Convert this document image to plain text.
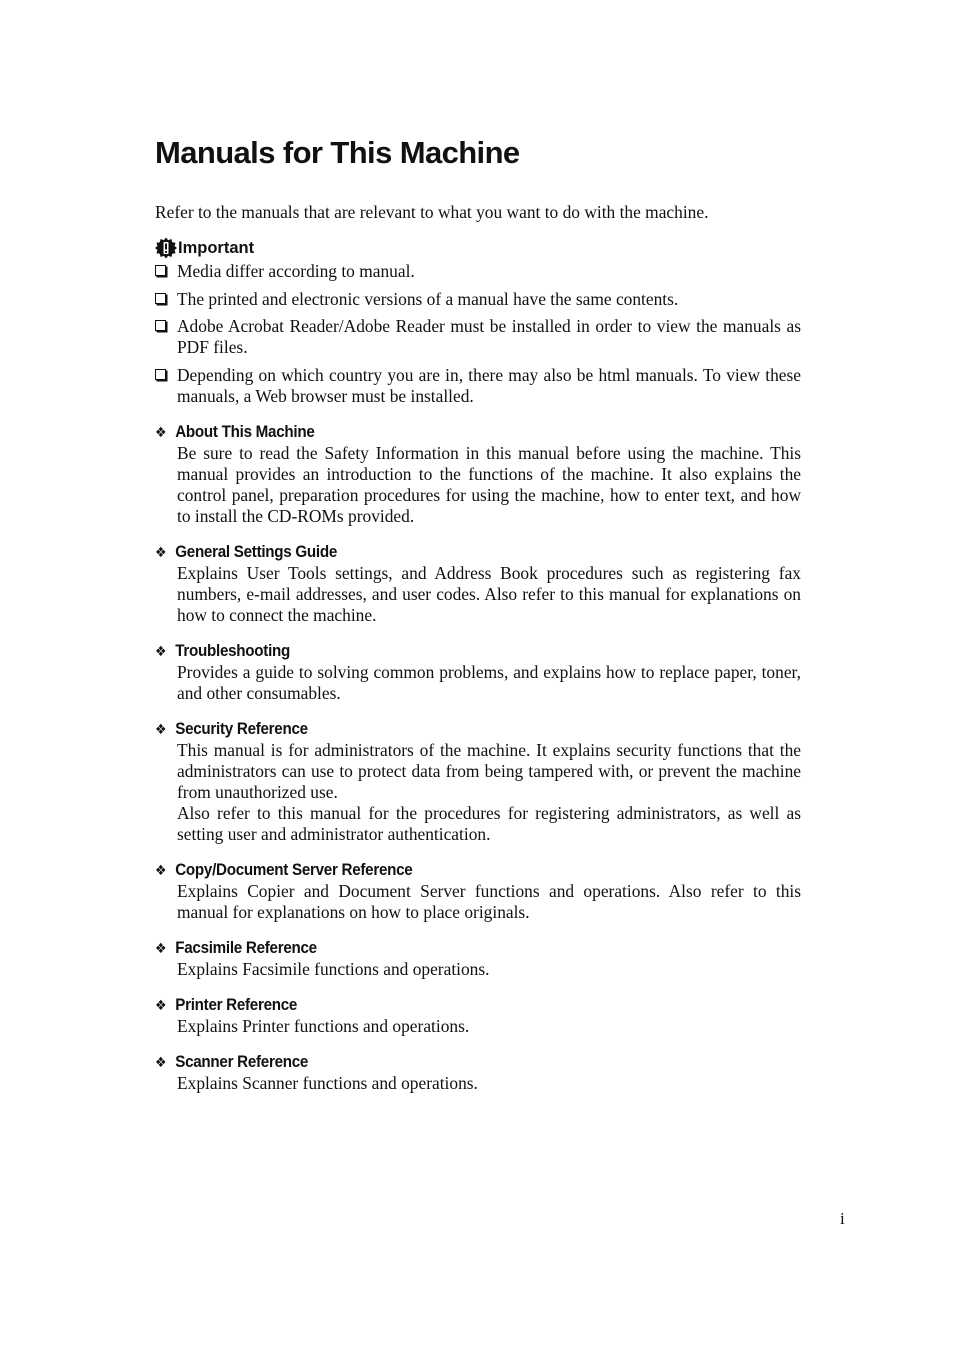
Manuals for This Machine

Refer to the manuals that are relevant to what you want to do with the machine.

Important
Media differ according to manual.
The printed and electronic versions of a manual have the same contents.
Adobe Acrobat Reader/Adobe Reader must be installed in order to view the manuals as PDF files.
Depending on which country you are in, there may also be html manuals. To view these manuals, a Web browser must be installed.
❖ About This Machine

Be sure to read the Safety Information in this manual before using the machine. This manual provides an introduction to the functions of the machine. It also explains the control panel, preparation procedures for using the machine, how to enter text, and how to install the CD-ROMs provided.

❖ General Settings Guide

Explains User Tools settings, and Address Book procedures such as registering fax numbers, e-mail addresses, and user codes. Also refer to this manual for explanations on how to connect the machine.

❖ Troubleshooting

Provides a guide to solving common problems, and explains how to replace paper, toner, and other consumables.

❖ Security Reference

This manual is for administrators of the machine. It explains security functions that the administrators can use to protect data from being tampered with, or prevent the machine from unauthorized use.

Also refer to this manual for the procedures for registering administrators, as well as setting user and administrator authentication.

❖ Copy/Document Server Reference

Explains Copier and Document Server functions and operations. Also refer to this manual for explanations on how to place originals.

❖ Facsimile Reference

Explains Facsimile functions and operations.

❖ Printer Reference

Explains Printer functions and operations.

❖ Scanner Reference

Explains Scanner functions and operations.

i
